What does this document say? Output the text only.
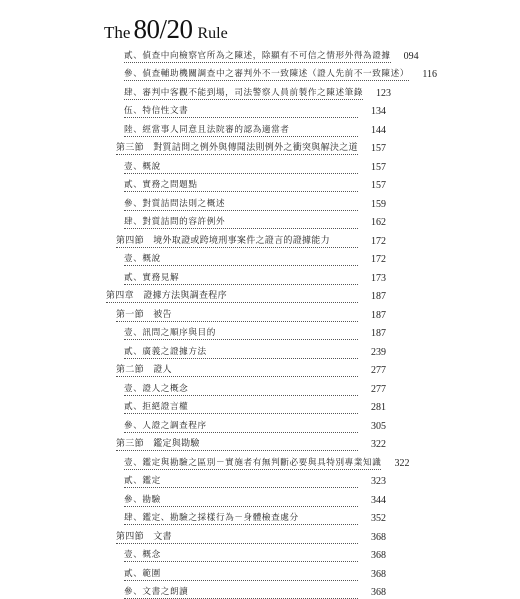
The 80/20 Rule
貳、偵查中向檢察官所為之陳述，除顯有不可信之情形外得為證據	094
參、偵查輔助機關調查中之審判外不一致陳述（證人先前不一致陳述）	116
肆、審判中客觀不能到場，司法警察人員前製作之陳述筆錄	123
伍、特信性文書	134
陸、經當事人同意且法院審的認為適當者	144
第三節　對質詰問之例外與傳聞法則例外之衝突與解決之道	157
壹、概說	157
貳、實務之問題點	157
參、對質詰問法則之概述	159
肆、對質詰問的容許例外	162
第四節　境外取證或跨境刑事案件之證言的證據能力	172
壹、概說	172
貳、實務見解	173
第四章　證據方法與調查程序	187
第一節　被告	187
壹、訊問之順序與目的	187
貳、廣義之證據方法	239
第二節　證人	277
壹、證人之概念	277
貳、拒絕證言權	281
參、人證之調查程序	305
第三節　鑑定與勘驗	322
壹、鑑定與勘驗之區別－實施者有無判斷必要與具特別專業知識	322
貳、鑑定	323
參、勘驗	344
肆、鑑定、勘驗之採樣行為－身體檢查處分	352
第四節　文書	368
壹、概念	368
貳、範圍	368
參、文書之朗讀	368
